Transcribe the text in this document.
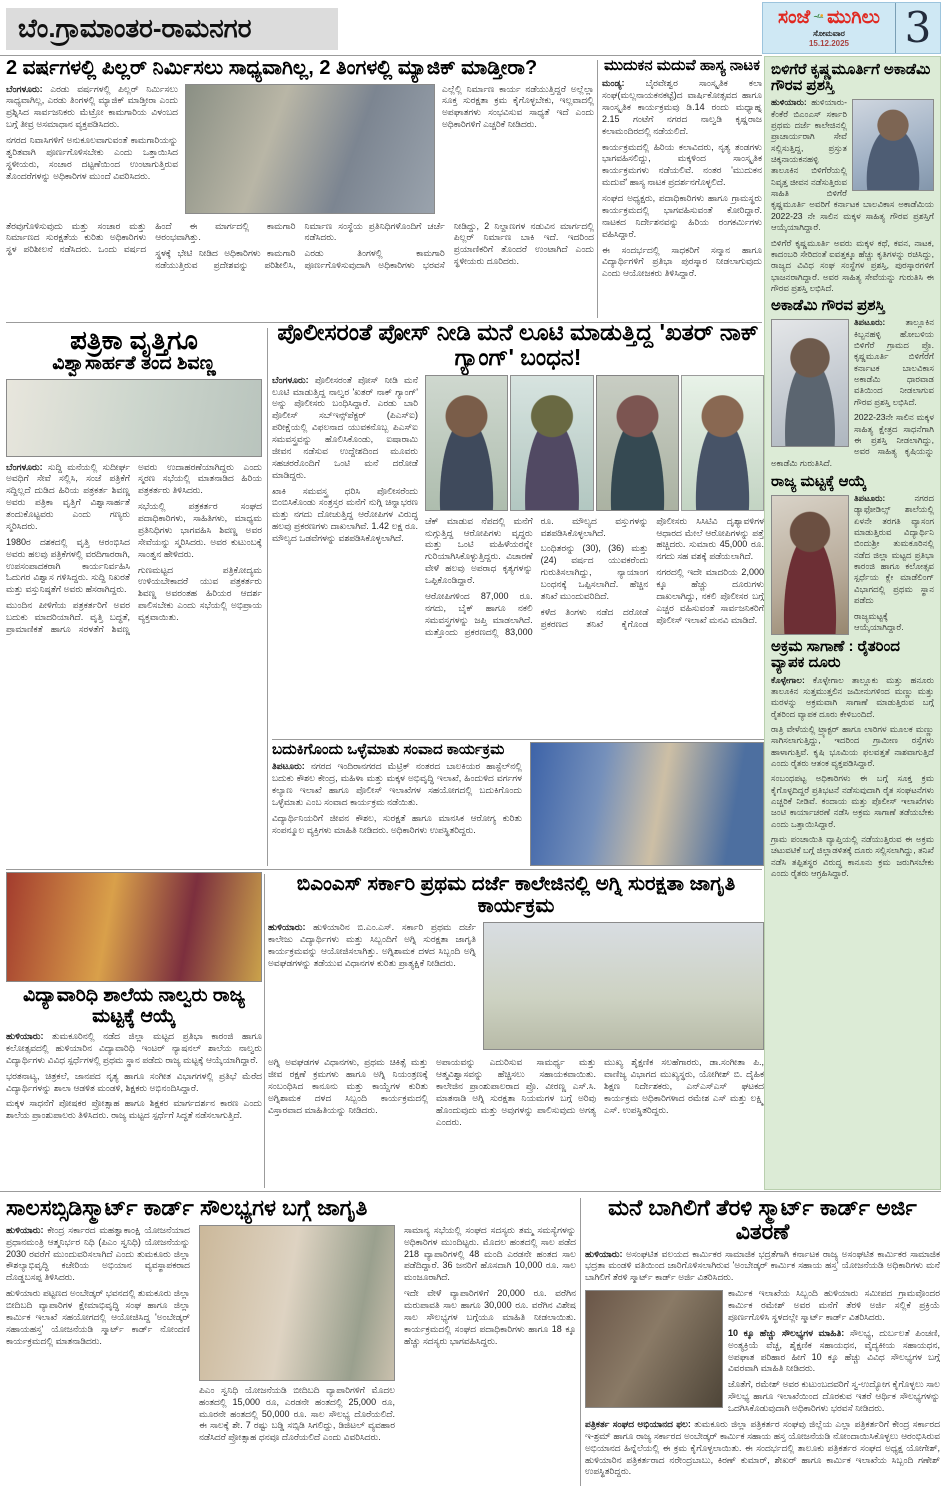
ಬೆಂ.ಗ್ರಾಮಾಂತರ-ರಾಮನಗರ	ಸಂಜೆ ಮುಗಿಲು
ಸೋಮವಾರ
15.12.2025 3
2 ವರ್ಷಗಳಲ್ಲಿ ಪಿಲ್ಲರ್ ನಿರ್ಮಿಸಲು ಸಾಧ್ಯವಾಗಿಲ್ಲ, 2 ತಿಂಗಳಲ್ಲಿ ಮ್ಯಾಜಿಕ್ ಮಾಡ್ತೀರಾ?

ಬೆಂಗಳೂರು: ಎರಡು ವರ್ಷಗಳಲ್ಲಿ ಪಿಲ್ಲರ್ ನಿರ್ಮಿಸಲು ಸಾಧ್ಯವಾಗಿಲ್ಲ, ಎರಡು ತಿಂಗಳಲ್ಲಿ ಮ್ಯಾಜಿಕ್ ಮಾಡ್ತೀರಾ ಎಂದು ಪ್ರಶ್ನಿಸಿದ ಸಾರ್ವಜನಿಕರು ಮೆಟ್ರೋ ಕಾಮಗಾರಿಯ ವಿಳಂಬದ ಬಗ್ಗೆ ತೀವ್ರ ಅಸಮಾಧಾನ ವ್ಯಕ್ತಪಡಿಸಿದರು.

ನಗರದ ನಿವಾಸಿಗಳಿಗೆ ಅನುಕೂಲವಾಗುವಂತೆ ಕಾಮಗಾರಿಯನ್ನು ತ್ವರಿತವಾಗಿ ಪೂರ್ಣಗೊಳಿಸಬೇಕು ಎಂದು ಒತ್ತಾಯಿಸಿದ ಸ್ಥಳೀಯರು, ಸಂಚಾರ ದಟ್ಟಣೆಯಿಂದ ಉಂಟಾಗುತ್ತಿರುವ ತೊಂದರೆಗಳನ್ನು ಅಧಿಕಾರಿಗಳ ಮುಂದೆ ವಿವರಿಸಿದರು.

ಎಲ್ಲೆಲ್ಲಿ ನಿರ್ಮಾಣ ಕಾರ್ಯ ನಡೆಯುತ್ತಿದ್ದರೆ ಅಲ್ಲೆಲ್ಲಾ ಸೂಕ್ತ ಸುರಕ್ಷತಾ ಕ್ರಮ ಕೈಗೊಳ್ಳಬೇಕು, ಇಲ್ಲವಾದಲ್ಲಿ ಅಪಘಾತಗಳು ಸಂಭವಿಸುವ ಸಾಧ್ಯತೆ ಇದೆ ಎಂದು ಅಧಿಕಾರಿಗಳಿಗೆ ಎಚ್ಚರಿಕೆ ನೀಡಿದರು.

ತೆರವುಗೊಳಿಸುವುದು ಮತ್ತು ಸಂಚಾರ ಮತ್ತು ನಿರ್ಮಾಣದ ಸುರಕ್ಷತೆಯ ಕುರಿತು ಅಧಿಕಾರಿಗಳು ಸ್ಥಳ ಪರಿಶೀಲನೆ ನಡೆಸಿದರು. ಒಂದು ವರ್ಷದ ಹಿಂದೆ ಈ ಮಾರ್ಗದಲ್ಲಿ ಕಾಮಗಾರಿ ಆರಂಭವಾಗಿತ್ತು.

ಸ್ಥಳಕ್ಕೆ ಭೇಟಿ ನೀಡಿದ ಅಧಿಕಾರಿಗಳು ಕಾಮಗಾರಿ ನಡೆಯುತ್ತಿರುವ ಪ್ರದೇಶವನ್ನು ಪರಿಶೀಲಿಸಿ, ನಿರ್ಮಾಣ ಸಂಸ್ಥೆಯ ಪ್ರತಿನಿಧಿಗಳೊಂದಿಗೆ ಚರ್ಚೆ ನಡೆಸಿದರು.

ಎರಡು ತಿಂಗಳಲ್ಲಿ ಕಾಮಗಾರಿ ಪೂರ್ಣಗೊಳಿಸುವುದಾಗಿ ಅಧಿಕಾರಿಗಳು ಭರವಸೆ ನೀಡಿದ್ದು, 2 ನಿಲ್ದಾಣಗಳ ನಡುವಿನ ಮಾರ್ಗದಲ್ಲಿ ಪಿಲ್ಲರ್ ನಿರ್ಮಾಣ ಬಾಕಿ ಇದೆ. ಇದರಿಂದ ಪ್ರಯಾಣಿಕರಿಗೆ ತೊಂದರೆ ಉಂಟಾಗಿದೆ ಎಂದು ಸ್ಥಳೀಯರು ದೂರಿದರು.

ಮುದುಕನ ಮದುವೆ ಹಾಸ್ಯ ನಾಟಕ

ಮಂಡ್ಯ: ಬೈರವೇಶ್ವರ ಸಾಂಸ್ಕೃತಿಕ ಕಲಾ ಸಂಘ(ಮಲ್ಲನಾಯಕನಕಟ್ಟೆ)ದ ವಾರ್ಷಿಕೋತ್ಸವದ ಹಾಗೂ ಸಾಂಸ್ಕೃತಿಕ ಕಾರ್ಯಕ್ರಮವು ಡಿ.14 ರಂದು ಮಧ್ಯಾಹ್ನ 2.15 ಗಂಟೆಗೆ ನಗರದ ನಾಲ್ವಡಿ ಕೃಷ್ಣರಾಜ ಕಲಾಮಂದಿರದಲ್ಲಿ ನಡೆಯಲಿದೆ.

ಕಾರ್ಯಕ್ರಮದಲ್ಲಿ ಹಿರಿಯ ಕಲಾವಿದರು, ನೃತ್ಯ ತಂಡಗಳು ಭಾಗವಹಿಸಲಿದ್ದು, ಮಕ್ಕಳಿಂದ ಸಾಂಸ್ಕೃತಿಕ ಕಾರ್ಯಕ್ರಮಗಳು ನಡೆಯಲಿವೆ. ನಂತರ 'ಮುದುಕನ ಮದುವೆ' ಹಾಸ್ಯ ನಾಟಕ ಪ್ರದರ್ಶನಗೊಳ್ಳಲಿದೆ.

ಸಂಘದ ಅಧ್ಯಕ್ಷರು, ಪದಾಧಿಕಾರಿಗಳು ಹಾಗೂ ಗ್ರಾಮಸ್ಥರು ಕಾರ್ಯಕ್ರಮದಲ್ಲಿ ಭಾಗವಹಿಸುವಂತೆ ಕೋರಿದ್ದಾರೆ. ನಾಟಕದ ನಿರ್ದೇಶನವನ್ನು ಹಿರಿಯ ರಂಗಕರ್ಮಿಗಳು ವಹಿಸಿದ್ದಾರೆ.

ಈ ಸಂದರ್ಭದಲ್ಲಿ ಸಾಧಕರಿಗೆ ಸನ್ಮಾನ ಹಾಗೂ ವಿದ್ಯಾರ್ಥಿಗಳಿಗೆ ಪ್ರತಿಭಾ ಪುರಸ್ಕಾರ ನೀಡಲಾಗುವುದು ಎಂದು ಆಯೋಜಕರು ತಿಳಿಸಿದ್ದಾರೆ.

ಬಿಳಿಗೆರೆ ಕೃಷ್ಣಮೂರ್ತಿಗೆ ಅಕಾಡೆಮಿ ಗೌರವ ಪ್ರಶಸ್ತಿ

ಹುಳಿಯಾರು: ಹುಳಿಯಾರು-ಕೆಂಕೆರೆ ಬಿಎಂಎಸ್ ಸರ್ಕಾರಿ ಪ್ರಥಮ ದರ್ಜೆ ಕಾಲೇಜಿನಲ್ಲಿ ಪ್ರಾಚಾರ್ಯರಾಗಿ ಸೇವೆ ಸಲ್ಲಿಸುತ್ತಿದ್ದ, ಪ್ರಸ್ತುತ ಚಿಕ್ಕನಾಯಕನಹಳ್ಳಿ ತಾಲೂಕಿನ ಬಿಳಿಗೆರೆಯಲ್ಲಿ ನಿವೃತ್ತ ಜೀವನ ನಡೆಸುತ್ತಿರುವ ಸಾಹಿತಿ ಬಿಳಿಗೆರೆ ಕೃಷ್ಣಮೂರ್ತಿ ಅವರಿಗೆ ಕರ್ನಾಟಕ ಬಾಲವಿಕಾಸ ಅಕಾಡೆಮಿಯ 2022-23 ನೇ ಸಾಲಿನ ಮಕ್ಕಳ ಸಾಹಿತ್ಯ ಗೌರವ ಪ್ರಶಸ್ತಿಗೆ ಆಯ್ಕೆಯಾಗಿದ್ದಾರೆ.

ಬಿಳಿಗೆರೆ ಕೃಷ್ಣಮೂರ್ತಿ ಅವರು ಮಕ್ಕಳ ಕಥೆ, ಕವನ, ನಾಟಕ, ಕಾದಂಬರಿ ಸೇರಿದಂತೆ ಐವತ್ತಕ್ಕೂ ಹೆಚ್ಚು ಕೃತಿಗಳನ್ನು ರಚಿಸಿದ್ದು, ರಾಜ್ಯದ ವಿವಿಧ ಸಂಘ ಸಂಸ್ಥೆಗಳ ಪ್ರಶಸ್ತಿ, ಪುರಸ್ಕಾರಗಳಿಗೆ ಭಾಜನರಾಗಿದ್ದಾರೆ. ಅವರ ಸಾಹಿತ್ಯ ಸೇವೆಯನ್ನು ಗುರುತಿಸಿ ಈ ಗೌರವ ಪ್ರಶಸ್ತಿ ಲಭಿಸಿದೆ.

ಅಕಾಡೆಮಿ ಗೌರವ ಪ್ರಶಸ್ತಿ

ತಿಪಟೂರು: ತಾಲ್ಲೂಕಿನ ಕಿಬ್ಬನಹಳ್ಳಿ ಹೋಬಳಿಯ ಬಿಳಿಗೆರೆ ಗ್ರಾಮದ ಪ್ರೊ. ಕೃಷ್ಣಮೂರ್ತಿ ಬಿಳಿಗೆರೆಗೆ ಕರ್ನಾಟಕ ಬಾಲವಿಕಾಸ ಅಕಾಡೆಮಿ ಧಾರವಾಡ ವತಿಯಿಂದ ನೀಡಲಾಗುವ ಗೌರವ ಪ್ರಶಸ್ತಿ ಲಭಿಸಿದೆ.

2022-23ನೇ ಸಾಲಿನ ಮಕ್ಕಳ ಸಾಹಿತ್ಯ ಕ್ಷೇತ್ರದ ಸಾಧನೆಗಾಗಿ ಈ ಪ್ರಶಸ್ತಿ ನೀಡಲಾಗಿದ್ದು, ಅವರ ಸಾಹಿತ್ಯ ಕೃಷಿಯನ್ನು ಅಕಾಡೆಮಿ ಗುರುತಿಸಿದೆ.

ರಾಜ್ಯ ಮಟ್ಟಕ್ಕೆ ಆಯ್ಕೆ

ತಿಪಟೂರು:	ನಗರದ ಡ್ಯಾಫೋಡಿಲ್ಸ್ ಶಾಲೆಯಲ್ಲಿ ಏಳನೇ ತರಗತಿ ವ್ಯಾಸಂಗ ಮಾಡುತ್ತಿರುವ ವಿದ್ಯಾರ್ಥಿನಿ ಬಿಂದುಶ್ರೀ ತುಮಕೂರಿನಲ್ಲಿ ನಡೆದ ಜಿಲ್ಲಾ ಮಟ್ಟದ ಪ್ರತಿಭಾ ಕಾರಂಜಿ ಹಾಗೂ ಕಲೋತ್ಸವ ಸ್ಪರ್ಧೆಯ ಕ್ಲೇ ಮಾಡೆಲಿಂಗ್ ವಿಭಾಗದಲ್ಲಿ ಪ್ರಥಮ ಸ್ಥಾನ ಪಡೆದು

ರಾಜ್ಯಮಟ್ಟಕ್ಕೆ ಆಯ್ಕೆಯಾಗಿದ್ದಾರೆ.

ಅಕ್ರಮ ಸಾಗಾಣೆ : ರೈತರಿಂದ ವ್ಯಾಪಕ ದೂರು

ಕೊಳ್ಳೇಗಾಲ: ಕೊಳ್ಳೇಗಾಲ ತಾಲ್ಲೂಕು ಮತ್ತು ಹನೂರು ತಾಲೂಕಿನ ಸುತ್ತಮುತ್ತಲಿನ ಜಮೀನುಗಳಿಂದ ಮಣ್ಣು ಮತ್ತು ಮರಳನ್ನು ಅಕ್ರಮವಾಗಿ ಸಾಗಾಣೆ ಮಾಡುತ್ತಿರುವ ಬಗ್ಗೆ ರೈತರಿಂದ ವ್ಯಾಪಕ ದೂರು ಕೇಳಿಬಂದಿದೆ.

ರಾತ್ರಿ ವೇಳೆಯಲ್ಲಿ ಟ್ರ್ಯಾಕ್ಟರ್ ಹಾಗೂ ಲಾರಿಗಳ ಮೂಲಕ ಮಣ್ಣು ಸಾಗಿಸಲಾಗುತ್ತಿದ್ದು, ಇದರಿಂದ ಗ್ರಾಮೀಣ ರಸ್ತೆಗಳು ಹಾಳಾಗುತ್ತಿವೆ. ಕೃಷಿ ಭೂಮಿಯ ಫಲವತ್ತತೆ ನಾಶವಾಗುತ್ತಿದೆ ಎಂದು ರೈತರು ಆತಂಕ ವ್ಯಕ್ತಪಡಿಸಿದ್ದಾರೆ.

ಸಂಬಂಧಪಟ್ಟ ಅಧಿಕಾರಿಗಳು ಈ ಬಗ್ಗೆ ಸೂಕ್ತ ಕ್ರಮ ಕೈಗೊಳ್ಳದಿದ್ದರೆ ಪ್ರತಿಭಟನೆ ನಡೆಸುವುದಾಗಿ ರೈತ ಸಂಘಟನೆಗಳು ಎಚ್ಚರಿಕೆ ನೀಡಿವೆ. ಕಂದಾಯ ಮತ್ತು ಪೊಲೀಸ್ ಇಲಾಖೆಗಳು ಜಂಟಿ ಕಾರ್ಯಾಚರಣೆ ನಡೆಸಿ ಅಕ್ರಮ ಸಾಗಾಣೆ ತಡೆಯಬೇಕು ಎಂದು ಒತ್ತಾಯಿಸಿದ್ದಾರೆ.

ಗ್ರಾಮ ಪಂಚಾಯಿತಿ ವ್ಯಾಪ್ತಿಯಲ್ಲಿ ನಡೆಯುತ್ತಿರುವ ಈ ಅಕ್ರಮ ಚಟುವಟಿಕೆ ಬಗ್ಗೆ ಜಿಲ್ಲಾಡಳಿತಕ್ಕೆ ದೂರು ಸಲ್ಲಿಸಲಾಗಿದ್ದು, ತನಿಖೆ ನಡೆಸಿ ತಪ್ಪಿತಸ್ಥರ ವಿರುದ್ಧ ಕಾನೂನು ಕ್ರಮ ಜರುಗಿಸಬೇಕು ಎಂದು ರೈತರು ಆಗ್ರಹಿಸಿದ್ದಾರೆ.

ಪತ್ರಿಕಾ ವೃತ್ತಿಗೂ
ವಿಶ್ವಾಸಾರ್ಹತೆ ತಂದ ಶಿವಣ್ಣ

ಬೆಂಗಳೂರು: ಸುದ್ದಿ ಮನೆಯಲ್ಲಿ ಸುದೀರ್ಘ ಅವಧಿಗೆ ಸೇವೆ ಸಲ್ಲಿಸಿ, ಸಂಜೆ ಪತ್ರಿಕೆಗೆ ಸದ್ದಿಲ್ಲದೆ ದುಡಿದ ಹಿರಿಯ ಪತ್ರಕರ್ತ ಶಿವಣ್ಣ ಅವರು ಪತ್ರಿಕಾ ವೃತ್ತಿಗೆ ವಿಶ್ವಾಸಾರ್ಹತೆ ತಂದುಕೊಟ್ಟವರು ಎಂದು ಗಣ್ಯರು ಸ್ಮರಿಸಿದರು.

1980ರ ದಶಕದಲ್ಲಿ ವೃತ್ತಿ ಆರಂಭಿಸಿದ ಅವರು ಹಲವು ಪತ್ರಿಕೆಗಳಲ್ಲಿ ವರದಿಗಾರರಾಗಿ, ಉಪಸಂಪಾದಕರಾಗಿ ಕಾರ್ಯನಿರ್ವಹಿಸಿ ಓದುಗರ ವಿಶ್ವಾಸ ಗಳಿಸಿದ್ದರು. ಸುದ್ದಿ ನಿಖರತೆ ಮತ್ತು ವಸ್ತುನಿಷ್ಠತೆಗೆ ಅವರು ಹೆಸರಾಗಿದ್ದರು.

ಮುಂದಿನ ಪೀಳಿಗೆಯ ಪತ್ರಕರ್ತರಿಗೆ ಅವರ ಬದುಕು ಮಾದರಿಯಾಗಿದೆ. ವೃತ್ತಿ ಬದ್ಧತೆ, ಪ್ರಾಮಾಣಿಕತೆ ಹಾಗೂ ಸರಳತೆಗೆ ಶಿವಣ್ಣ ಅವರು ಉದಾಹರಣೆಯಾಗಿದ್ದರು ಎಂದು ಸ್ಮರಣ ಸಭೆಯಲ್ಲಿ ಮಾತನಾಡಿದ ಹಿರಿಯ ಪತ್ರಕರ್ತರು ತಿಳಿಸಿದರು.

ಸಭೆಯಲ್ಲಿ ಪತ್ರಕರ್ತರ ಸಂಘದ ಪದಾಧಿಕಾರಿಗಳು, ಸಾಹಿತಿಗಳು, ಮಾಧ್ಯಮ ಪ್ರತಿನಿಧಿಗಳು ಭಾಗವಹಿಸಿ ಶಿವಣ್ಣ ಅವರ ಸೇವೆಯನ್ನು ಸ್ಮರಿಸಿದರು. ಅವರ ಕುಟುಂಬಕ್ಕೆ ಸಾಂತ್ವನ ಹೇಳಿದರು.

ಗುಣಮಟ್ಟದ ಪತ್ರಿಕೋದ್ಯಮ ಉಳಿಯಬೇಕಾದರೆ ಯುವ ಪತ್ರಕರ್ತರು ಶಿವಣ್ಣ ಅವರಂತಹ ಹಿರಿಯರ ಆದರ್ಶ ಪಾಲಿಸಬೇಕು ಎಂದು ಸಭೆಯಲ್ಲಿ ಅಭಿಪ್ರಾಯ ವ್ಯಕ್ತವಾಯಿತು.

ಪೊಲೀಸರಂತೆ ಪೋಸ್ ನೀಡಿ ಮನೆ ಲೂಟಿ ಮಾಡುತ್ತಿದ್ದ 'ಖತರ್ ನಾಕ್ ಗ್ಯಾಂಗ್' ಬಂಧನ!

ಬೆಂಗಳೂರು: ಪೊಲೀಸರಂತೆ ಪೋಸ್ ನೀಡಿ ಮನೆ ಲೂಟಿ ಮಾಡುತ್ತಿದ್ದ ನಾಲ್ವರ 'ಖತರ್ ನಾಕ್ ಗ್ಯಾಂಗ್' ಅನ್ನು ಪೊಲೀಸರು ಬಂಧಿಸಿದ್ದಾರೆ. ಎರಡು ಬಾರಿ ಪೊಲೀಸ್ ಸಬ್‌ಇನ್ಸ್‌ಪೆಕ್ಟರ್ (ಪಿಎಸ್‌ಐ) ಪರೀಕ್ಷೆಯಲ್ಲಿ ವಿಫಲನಾದ ಯುವಕನೊಬ್ಬ ಪಿಎಸ್‌ಐ ಸಮವಸ್ತ್ರವನ್ನು ಹೊಲಿಸಿಕೊಂಡು, ಐಷಾರಾಮಿ ಜೀವನ ನಡೆಸುವ ಉದ್ದೇಶದಿಂದ ಮೂವರು ಸಹಚರರೊಂದಿಗೆ ಒಂಟಿ ಮನೆ ದರೋಡೆ ಮಾಡಿದ್ದರು.

ಖಾಕಿ ಸಮವಸ್ತ್ರ ಧರಿಸಿ ಪೊಲೀಸರೆಂದು ಬಿಂಬಿಸಿಕೊಂಡು ಸಂತ್ರಸ್ತರ ಮನೆಗೆ ನುಗ್ಗಿ ಚಿನ್ನಾಭರಣ ಮತ್ತು ನಗದು ದೋಚುತ್ತಿದ್ದ ಆರೋಪಿಗಳ ವಿರುದ್ಧ ಹಲವು ಪ್ರಕರಣಗಳು ದಾಖಲಾಗಿವೆ. 1.42 ಲಕ್ಷ ರೂ. ಮೌಲ್ಯದ ಒಡವೆಗಳನ್ನು ವಶಪಡಿಸಿಕೊಳ್ಳಲಾಗಿದೆ.

ಚೆಕ್ ಮಾಡುವ ನೆಪದಲ್ಲಿ ಮನೆಗೆ ನುಗ್ಗುತ್ತಿದ್ದ ಆರೋಪಿಗಳು ವೃದ್ಧರು ಮತ್ತು ಒಂಟಿ ಮಹಿಳೆಯರನ್ನೇ ಗುರಿಯಾಗಿಸಿಕೊಳ್ಳುತ್ತಿದ್ದರು. ವಿಚಾರಣೆ ವೇಳೆ ಹಲವು ಅಪರಾಧ ಕೃತ್ಯಗಳನ್ನು ಒಪ್ಪಿಕೊಂಡಿದ್ದಾರೆ.

ಆರೋಪಿಗಳಿಂದ 87,000 ರೂ. ನಗದು, ಬೈಕ್ ಹಾಗೂ ನಕಲಿ ಸಮವಸ್ತ್ರಗಳನ್ನು ಜಪ್ತಿ ಮಾಡಲಾಗಿದೆ. ಮತ್ತೊಂದು ಪ್ರಕರಣದಲ್ಲಿ 83,000 ರೂ. ಮೌಲ್ಯದ ವಸ್ತುಗಳನ್ನು ವಶಪಡಿಸಿಕೊಳ್ಳಲಾಗಿದೆ.

ಬಂಧಿತರನ್ನು (30), (36) ಮತ್ತು (24) ವರ್ಷದ ಯುವಕರೆಂದು ಗುರುತಿಸಲಾಗಿದ್ದು, ನ್ಯಾಯಾಂಗ ಬಂಧನಕ್ಕೆ ಒಪ್ಪಿಸಲಾಗಿದೆ. ಹೆಚ್ಚಿನ ತನಿಖೆ ಮುಂದುವರಿದಿದೆ.

ಕಳೆದ ತಿಂಗಳು ನಡೆದ ದರೋಡೆ ಪ್ರಕರಣದ ತನಿಖೆ ಕೈಗೊಂಡ ಪೊಲೀಸರು ಸಿಸಿಟಿವಿ ದೃಶ್ಯಾವಳಿಗಳ ಆಧಾರದ ಮೇಲೆ ಆರೋಪಿಗಳನ್ನು ಪತ್ತೆ ಹಚ್ಚಿದರು. ಸುಮಾರು 45,000 ರೂ. ನಗದು ಸಹ ವಶಕ್ಕೆ ಪಡೆಯಲಾಗಿದೆ.

ನಗರದಲ್ಲಿ ಇದೇ ಮಾದರಿಯ 2,000 ಕ್ಕೂ ಹೆಚ್ಚು ದೂರುಗಳು ದಾಖಲಾಗಿದ್ದು, ನಕಲಿ ಪೊಲೀಸರ ಬಗ್ಗೆ ಎಚ್ಚರ ವಹಿಸುವಂತೆ ಸಾರ್ವಜನಿಕರಿಗೆ ಪೊಲೀಸ್ ಇಲಾಖೆ ಮನವಿ ಮಾಡಿದೆ.

ಬದುಕಿಗೊಂದು ಒಳ್ಳೆಮಾತು ಸಂವಾದ ಕಾರ್ಯಕ್ರಮ

ತಿಪಟೂರು: ನಗರದ ಇಂದಿರಾನಗರದ ಮೆಟ್ರಿಕ್ ನಂತರದ ಬಾಲಕಿಯರ ಹಾಸ್ಟೆಲ್‌ನಲ್ಲಿ ಬದುಕು ಕೌಶಲ ಕೇಂದ್ರ, ಮಹಿಳಾ ಮತ್ತು ಮಕ್ಕಳ ಅಭಿವೃದ್ಧಿ ಇಲಾಖೆ, ಹಿಂದುಳಿದ ವರ್ಗಗಳ ಕಲ್ಯಾಣ ಇಲಾಖೆ ಹಾಗೂ ಪೊಲೀಸ್ ಇಲಾಖೆಗಳ ಸಹಯೋಗದಲ್ಲಿ ಬದುಕಿಗೊಂದು ಒಳ್ಳೆಮಾತು ಎಂಬ ಸಂವಾದ ಕಾರ್ಯಕ್ರಮ ನಡೆಯಿತು.

ವಿದ್ಯಾರ್ಥಿನಿಯರಿಗೆ ಜೀವನ ಕೌಶಲ, ಸುರಕ್ಷತೆ ಹಾಗೂ ಮಾನಸಿಕ ಆರೋಗ್ಯ ಕುರಿತು ಸಂಪನ್ಮೂಲ ವ್ಯಕ್ತಿಗಳು ಮಾಹಿತಿ ನೀಡಿದರು. ಅಧಿಕಾರಿಗಳು ಉಪಸ್ಥಿತರಿದ್ದರು.

ವಿದ್ಯಾವಾರಿಧಿ ಶಾಲೆಯ ನಾಲ್ವರು ರಾಜ್ಯ ಮಟ್ಟಕ್ಕೆ ಆಯ್ಕೆ

ಹುಳಿಯಾರು: ತುಮಕೂರಿನಲ್ಲಿ ನಡೆದ ಜಿಲ್ಲಾ ಮಟ್ಟದ ಪ್ರತಿಭಾ ಕಾರಂಜಿ ಹಾಗೂ ಕಲೋತ್ಸವದಲ್ಲಿ ಹುಳಿಯಾರಿನ ವಿದ್ಯಾವಾರಿಧಿ ಇಂಟರ್ ನ್ಯಾಷನಲ್ ಶಾಲೆಯ ನಾಲ್ವರು ವಿದ್ಯಾರ್ಥಿಗಳು ವಿವಿಧ ಸ್ಪರ್ಧೆಗಳಲ್ಲಿ ಪ್ರಥಮ ಸ್ಥಾನ ಪಡೆದು ರಾಜ್ಯ ಮಟ್ಟಕ್ಕೆ ಆಯ್ಕೆಯಾಗಿದ್ದಾರೆ.

ಭರತನಾಟ್ಯ, ಚಿತ್ರಕಲೆ, ಜಾನಪದ ನೃತ್ಯ ಹಾಗೂ ಸಂಗೀತ ವಿಭಾಗಗಳಲ್ಲಿ ಪ್ರತಿಭೆ ಮೆರೆದ ವಿದ್ಯಾರ್ಥಿಗಳನ್ನು ಶಾಲಾ ಆಡಳಿತ ಮಂಡಳಿ, ಶಿಕ್ಷಕರು ಅಭಿನಂದಿಸಿದ್ದಾರೆ.

ಮಕ್ಕಳ ಸಾಧನೆಗೆ ಪೋಷಕರ ಪ್ರೋತ್ಸಾಹ ಹಾಗೂ ಶಿಕ್ಷಕರ ಮಾರ್ಗದರ್ಶನ ಕಾರಣ ಎಂದು ಶಾಲೆಯ ಪ್ರಾಂಶುಪಾಲರು ತಿಳಿಸಿದರು. ರಾಜ್ಯ ಮಟ್ಟದ ಸ್ಪರ್ಧೆಗೆ ಸಿದ್ಧತೆ ನಡೆಸಲಾಗುತ್ತಿದೆ.

ಬಿಎಂಎಸ್ ಸರ್ಕಾರಿ ಪ್ರಥಮ ದರ್ಜೆ ಕಾಲೇಜಿನಲ್ಲಿ ಅಗ್ನಿ ಸುರಕ್ಷತಾ ಜಾಗೃತಿ ಕಾರ್ಯಕ್ರಮ

ಹುಳಿಯಾರು: ಹುಳಿಯಾರಿನ ಬಿ.ಎಂ.ಎಸ್. ಸರ್ಕಾರಿ ಪ್ರಥಮ ದರ್ಜೆ ಕಾಲೇಜು ವಿದ್ಯಾರ್ಥಿಗಳು ಮತ್ತು ಸಿಬ್ಬಂದಿಗೆ ಅಗ್ನಿ ಸುರಕ್ಷತಾ ಜಾಗೃತಿ ಕಾರ್ಯಕ್ರಮವನ್ನು ಆಯೋಜಿಸಲಾಗಿತ್ತು. ಅಗ್ನಿಶಾಮಕ ದಳದ ಸಿಬ್ಬಂದಿ ಅಗ್ನಿ ಅವಘಡಗಳನ್ನು ತಡೆಯುವ ವಿಧಾನಗಳ ಕುರಿತು ಪ್ರಾತ್ಯಕ್ಷಿಕೆ ನೀಡಿದರು.

ಅಗ್ನಿ ಅವಘಡಗಳ ವಿಧಾನಗಳು, ಪ್ರಥಮ ಚಿಕಿತ್ಸೆ ಮತ್ತು ಜೀವ ರಕ್ಷಣೆ ಕ್ರಮಗಳು ಹಾಗೂ ಅಗ್ನಿ ನಿಯಂತ್ರಣಕ್ಕೆ ಸಂಬಂಧಿಸಿದ ಕಾನೂನು ಮತ್ತು ಕಾಯ್ದೆಗಳ ಕುರಿತು ಅಗ್ನಿಶಾಮಕ ದಳದ ಸಿಬ್ಬಂದಿ ಕಾರ್ಯಕ್ರಮದಲ್ಲಿ ವಿಸ್ತಾರವಾದ ಮಾಹಿತಿಯನ್ನು ನೀಡಿದರು.

ಅಪಾಯವನ್ನು ಎದುರಿಸುವ ಸಾಮರ್ಥ್ಯ ಮತ್ತು ಆತ್ಮವಿಶ್ವಾಸವನ್ನು ಹೆಚ್ಚಿಸಲು ಸಹಾಯಕವಾಯಿತು. ಕಾಲೇಜಿನ ಪ್ರಾಂಶುಪಾಲರಾದ ಪ್ರೊ. ವೀರಣ್ಣ ಎಸ್.ಸಿ. ಮಾತನಾಡಿ ಅಗ್ನಿ ಸುರಕ್ಷತಾ ನಿಯಮಗಳ ಬಗ್ಗೆ ಅರಿವು ಹೊಂದುವುದು ಮತ್ತು ಅವುಗಳನ್ನು ಪಾಲಿಸುವುದು ಅಗತ್ಯ ಎಂದರು.

ಮುಖ್ಯ ಶೈಕ್ಷಣಿಕ ಸಲಹೆಗಾರರು, ಡಾ.ಸಂಗೀತಾ ಪಿ., ವಾಣಿಜ್ಯ ವಿಭಾಗದ ಮುಖ್ಯಸ್ಥರು, ಯೋಗೀಶ್ ಬಿ. ದೈಹಿಕ ಶಿಕ್ಷಣ ನಿರ್ದೇಶಕರು, ಎನ್‌ಎಸ್‌ಎಸ್ ಘಟಕದ ಕಾರ್ಯಕ್ರಮ ಅಧಿಕಾರಿಗಳಾದ ರಮೇಶ ಎಸ್ ಮತ್ತು ಲಕ್ಷ್ಮಿ ಎಸ್. ಉಪಸ್ಥಿತರಿದ್ದರು.

ಸಾಲಸಬ್ಸಿಡಿಸ್ಮಾರ್ಟ್ ಕಾರ್ಡ್ ಸೌಲಭ್ಯಗಳ ಬಗ್ಗೆ ಜಾಗೃತಿ

ಹುಳಿಯಾರು: ಕೇಂದ್ರ ಸರ್ಕಾರದ ಮಹತ್ವಾಕಾಂಕ್ಷಿ ಯೋಜನೆಯಾದ ಪ್ರಧಾನಮಂತ್ರಿ ಆತ್ಮನಿರ್ಭರ ನಿಧಿ (ಪಿಎಂ ಸ್ವನಿಧಿ) ಯೋಜನೆಯನ್ನು 2030 ರವರೆಗೆ ಮುಂದುವರಿಸಲಾಗಿದೆ ಎಂದು ತುಮಕೂರು ಜಿಲ್ಲಾ ಕೌಶಲ್ಯಾಭಿವೃದ್ಧಿ ಕಚೇರಿಯ ಅಭಿಯಾನ ವ್ಯವಸ್ಥಾಪಕರಾದ ದೊಡ್ಡಬಸಪ್ಪ ತಿಳಿಸಿದರು.

ಹುಳಿಯಾರು ಪಟ್ಟಣದ ಅಂಬೇಡ್ಕರ್ ಭವನದಲ್ಲಿ ತುಮಕೂರು ಜಿಲ್ಲಾ ಬೀದಿಬದಿ ವ್ಯಾಪಾರಿಗಳ ಕ್ಷೇಮಾಭಿವೃದ್ಧಿ ಸಂಘ ಹಾಗೂ ಜಿಲ್ಲಾ ಕಾರ್ಮಿಕ ಇಲಾಖೆ ಸಹಯೋಗದಲ್ಲಿ ಆಯೋಜಿಸಿದ್ದ 'ಅಂಬೇಡ್ಕರ್ ಸಹಾಯಹಸ್ತ' ಯೋಜನೆಯಡಿ ಸ್ಮಾರ್ಟ್ ಕಾರ್ಡ್ ನೋಂದಣಿ ಕಾರ್ಯಕ್ರಮದಲ್ಲಿ ಮಾತನಾಡಿದರು.

ಪಿಎಂ ಸ್ವನಿಧಿ ಯೋಜನೆಯಡಿ ಬೀದಿಬದಿ ವ್ಯಾಪಾರಿಗಳಿಗೆ ಮೊದಲ ಹಂತದಲ್ಲಿ 15,000 ರೂ, ಎರಡನೇ ಹಂತದಲ್ಲಿ 25,000 ರೂ, ಮೂರನೇ ಹಂತದಲ್ಲಿ 50,000 ರೂ. ಸಾಲ ಸೌಲಭ್ಯ ದೊರೆಯಲಿದೆ. ಈ ಸಾಲಕ್ಕೆ ಶೇ. 7 ರಷ್ಟು ಬಡ್ಡಿ ಸಬ್ಸಿಡಿ ಸಿಗಲಿದ್ದು, ಡಿಜಿಟಲ್ ವ್ಯವಹಾರ ನಡೆಸಿದರೆ ಪ್ರೋತ್ಸಾಹ ಧನವೂ ದೊರೆಯಲಿದೆ ಎಂದು ವಿವರಿಸಿದರು.

ಸಾಮಾನ್ಯ ಸಭೆಯಲ್ಲಿ ಸಂಘದ ಸದಸ್ಯರು ತಮ್ಮ ಸಮಸ್ಯೆಗಳನ್ನು ಅಧಿಕಾರಿಗಳ ಮುಂದಿಟ್ಟರು. ಮೊದಲ ಹಂತದಲ್ಲಿ ಸಾಲ ಪಡೆದ 218 ವ್ಯಾಪಾರಿಗಳಲ್ಲಿ 48 ಮಂದಿ ಎರಡನೇ ಹಂತದ ಸಾಲ ಪಡೆದಿದ್ದಾರೆ. 36 ಜನರಿಗೆ ಹೊಸದಾಗಿ 10,000 ರೂ. ಸಾಲ ಮಂಜೂರಾಗಿದೆ.

ಇದೇ ವೇಳೆ ವ್ಯಾಪಾರಿಗಳಿಗೆ 20,000 ರೂ. ವರೆಗಿನ ಮರುಪಾವತಿ ಸಾಲ ಹಾಗೂ 30,000 ರೂ. ವರೆಗಿನ ವಿಶೇಷ ಸಾಲ ಸೌಲಭ್ಯಗಳ ಬಗ್ಗೆಯೂ ಮಾಹಿತಿ ನೀಡಲಾಯಿತು. ಕಾರ್ಯಕ್ರಮದಲ್ಲಿ ಸಂಘದ ಪದಾಧಿಕಾರಿಗಳು ಹಾಗೂ 18 ಕ್ಕೂ ಹೆಚ್ಚು ಸದಸ್ಯರು ಭಾಗವಹಿಸಿದ್ದರು.

ಮನೆ ಬಾಗಿಲಿಗೆ ತೆರಳಿ ಸ್ಮಾರ್ಟ್ ಕಾರ್ಡ್ ಅರ್ಜಿ ವಿತರಣೆ

ಹುಳಿಯಾರು: ಅಸಂಘಟಿತ ವಲಯದ ಕಾರ್ಮಿಕರ ಸಾಮಾಜಿಕ ಭದ್ರತೆಗಾಗಿ ಕರ್ನಾಟಕ ರಾಜ್ಯ ಅಸಂಘಟಿತ ಕಾರ್ಮಿಕರ ಸಾಮಾಜಿಕ ಭದ್ರತಾ ಮಂಡಳಿ ವತಿಯಿಂದ ಜಾರಿಗೊಳಿಸಲಾಗಿರುವ 'ಅಂಬೇಡ್ಕರ್ ಕಾರ್ಮಿಕ ಸಹಾಯ ಹಸ್ತ' ಯೋಜನೆಯಡಿ ಅಧಿಕಾರಿಗಳು ಮನೆ ಬಾಗಿಲಿಗೆ ತೆರಳಿ ಸ್ಮಾರ್ಟ್ ಕಾರ್ಡ್ ಅರ್ಜಿ ವಿತರಿಸಿದರು.

ಕಾರ್ಮಿಕ ಇಲಾಖೆಯ ಸಿಬ್ಬಂದಿ ಹುಳಿಯಾರು ಸಮೀಪದ ಗ್ರಾಮವೊಂದರ ಕಾರ್ಮಿಕ ರಮೇಶ್ ಅವರ ಮನೆಗೆ ತೆರಳಿ ಅರ್ಜಿ ಸಲ್ಲಿಕೆ ಪ್ರಕ್ರಿಯೆ ಪೂರ್ಣಗೊಳಿಸಿ ಸ್ಥಳದಲ್ಲೇ ಸ್ಮಾರ್ಟ್ ಕಾರ್ಡ್ ವಿತರಿಸಿದರು.

10 ಕ್ಕೂ ಹೆಚ್ಚು ಸೌಲಭ್ಯಗಳ ಮಾಹಿತಿ: ಸೌಲಭ್ಯ, ದುರ್ಬಲತೆ ಪಿಂಚಣಿ, ಅಂತ್ಯಕ್ರಿಯೆ ವೆಚ್ಚ, ಶೈಕ್ಷಣಿಕ ಸಹಾಯಧನ, ವೈದ್ಯಕೀಯ ಸಹಾಯಧನ, ಅಪಘಾತ ಪರಿಹಾರ ಹೀಗೆ 10 ಕ್ಕೂ ಹೆಚ್ಚು ವಿವಿಧ ಸೌಲಭ್ಯಗಳ ಬಗ್ಗೆ ವಿವರವಾಗಿ ಮಾಹಿತಿ ನೀಡಿದರು.

ಜೊತೆಗೆ, ರಮೇಶ್ ಅವರ ಕುಟುಂಬದವರಿಗೆ ಸ್ವ-ಉದ್ಯೋಗ ಕೈಗೊಳ್ಳಲು ಸಾಲ ಸೌಲಭ್ಯ ಹಾಗೂ ಇಲಾಖೆಯಿಂದ ದೊರಕುವ ಇತರೆ ಆರ್ಥಿಕ ಸೌಲಭ್ಯಗಳನ್ನು ಒದಗಿಸಿಕೊಡುವುದಾಗಿ ಅಧಿಕಾರಿಗಳು ಭರವಸೆ ನೀಡಿದರು.

ಪತ್ರಿಕರ್ತ ಸಂಘದ ಅಭಿಯಾನದ ಫಲ: ತುಮಕೂರು ಜಿಲ್ಲಾ ಪತ್ರಿಕರ್ತರ ಸಂಘವು ಜಿಲ್ಲೆಯ ಎಲ್ಲಾ ಪತ್ರಿಕರ್ತರಿಗೆ ಕೇಂದ್ರ ಸರ್ಕಾರದ ಇ-ಶ್ರಮ್ ಹಾಗೂ ರಾಜ್ಯ ಸರ್ಕಾರದ ಅಂಬೇಡ್ಕರ್ ಕಾರ್ಮಿಕ ಸಹಾಯ ಹಸ್ತ ಯೋಜನೆಯಡಿ ನೋಂದಾಯಿಸಿಕೊಳ್ಳಲು ಆರಂಭಿಸಿರುವ ಅಭಿಯಾನದ ಹಿನ್ನೆಲೆಯಲ್ಲಿ ಈ ಕ್ರಮ ಕೈಗೊಳ್ಳಲಾಯಿತು. ಈ ಸಂದರ್ಭದಲ್ಲಿ ತಾಲೂಕು ಪತ್ರಿಕರ್ತರ ಸಂಘದ ಅಧ್ಯಕ್ಷ ಯೋಗೇಶ್, ಹುಳಿಯಾರಿನ ಪತ್ರಿಕರ್ತರಾದ ನರೇಂದ್ರಬಾಬು, ಕಿರಣ್ ಕುಮಾರ್, ಶೇಖರ್ ಹಾಗೂ ಕಾರ್ಮಿಕ ಇಲಾಖೆಯ ಸಿಬ್ಬಂದಿ ಗಣೇಶ್ ಉಪಸ್ಥಿತರಿದ್ದರು.
